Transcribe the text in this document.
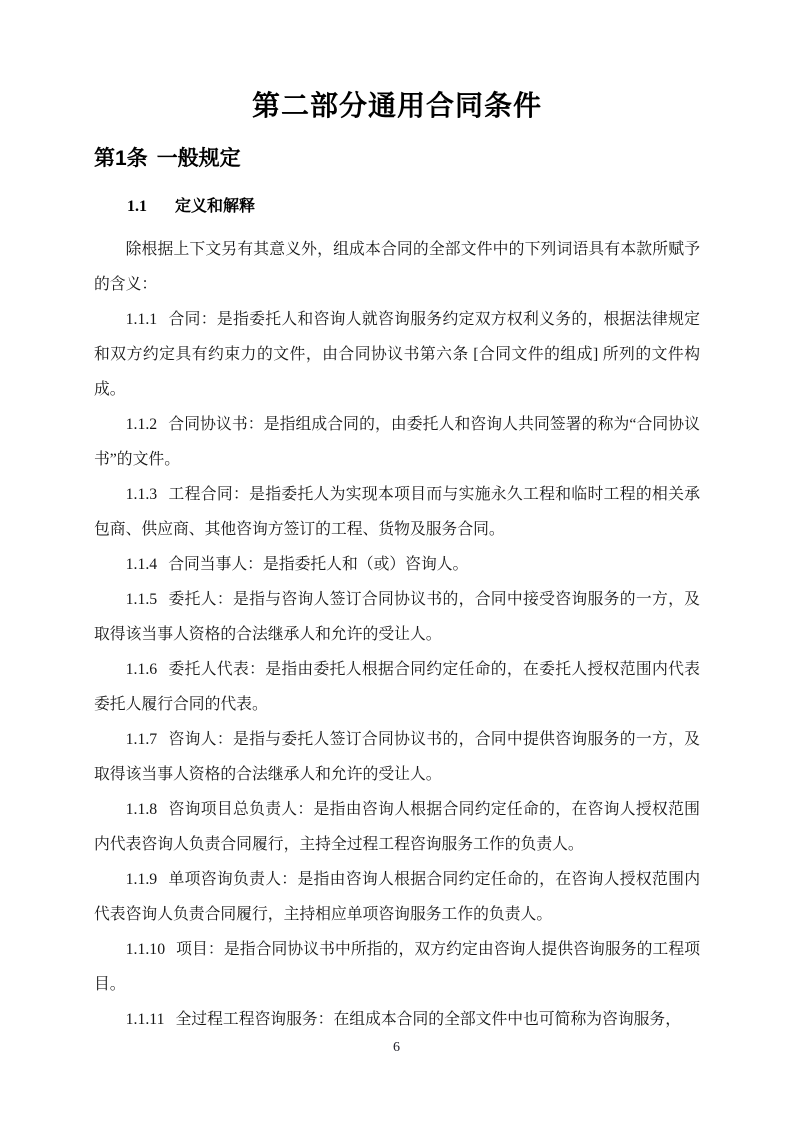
第二部分通用合同条件
第1条 一般规定
1.1 定义和解释

除根据上下文另有其意义外，组成本合同的全部文件中的下列词语具有本款所赋予的含义：

1.1.1 合同：是指委托人和咨询人就咨询服务约定双方权利义务的，根据法律规定和双方约定具有约束力的文件，由合同协议书第六条 [合同文件的组成] 所列的文件构成。

1.1.2 合同协议书：是指组成合同的，由委托人和咨询人共同签署的称为“合同协议书”的文件。

1.1.3 工程合同：是指委托人为实现本项目而与实施永久工程和临时工程的相关承包商、供应商、其他咨询方签订的工程、货物及服务合同。

1.1.4 合同当事人：是指委托人和（或）咨询人。

1.1.5 委托人：是指与咨询人签订合同协议书的，合同中接受咨询服务的一方，及取得该当事人资格的合法继承人和允许的受让人。

1.1.6 委托人代表：是指由委托人根据合同约定任命的，在委托人授权范围内代表委托人履行合同的代表。

1.1.7 咨询人：是指与委托人签订合同协议书的，合同中提供咨询服务的一方，及取得该当事人资格的合法继承人和允许的受让人。

1.1.8 咨询项目总负责人：是指由咨询人根据合同约定任命的，在咨询人授权范围内代表咨询人负责合同履行，主持全过程工程咨询服务工作的负责人。

1.1.9 单项咨询负责人：是指由咨询人根据合同约定任命的，在咨询人授权范围内代表咨询人负责合同履行，主持相应单项咨询服务工作的负责人。

1.1.10 项目：是指合同协议书中所指的，双方约定由咨询人提供咨询服务的工程项目。

1.1.11 全过程工程咨询服务：在组成本合同的全部文件中也可简称为咨询服务，

6
